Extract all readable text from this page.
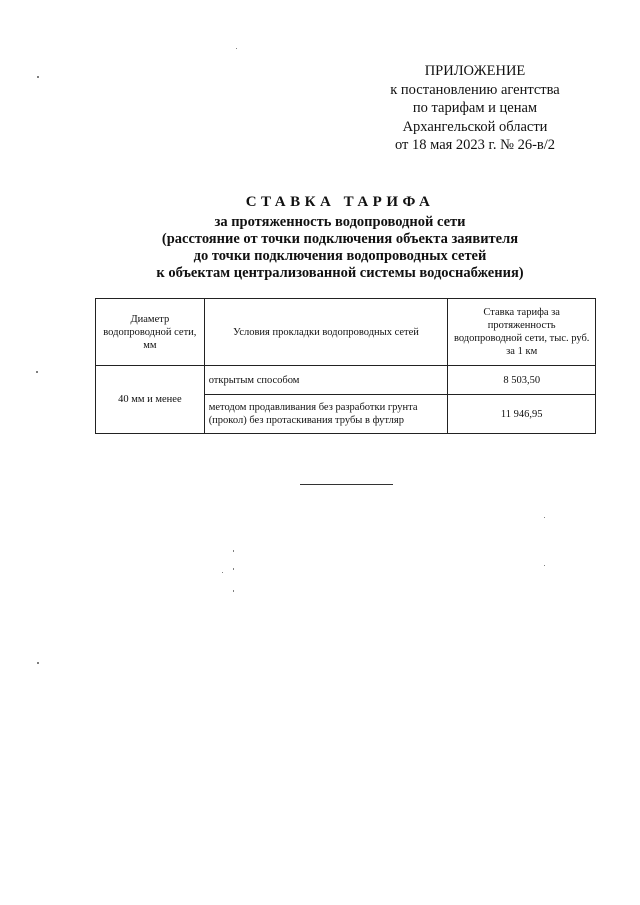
ПРИЛОЖЕНИЕ
к постановлению агентства
по тарифам и ценам
Архангельской области
от 18 мая 2023 г. № 26-в/2
СТАВКА ТАРИФА
за протяженность водопроводной сети
(расстояние от точки подключения объекта заявителя
до точки подключения водопроводных сетей
к объектам централизованной системы водоснабжения)
Диаметр водопроводной сети, мм	Условия прокладки водопроводных сетей	Ставка тарифа за протяженность водопроводной сети, тыс. руб. за 1 км
40 мм и менее	открытым способом	8 503,50
	методом продавливания без разработки грунта (прокол) без протаскивания трубы в футляр	11 946,95
